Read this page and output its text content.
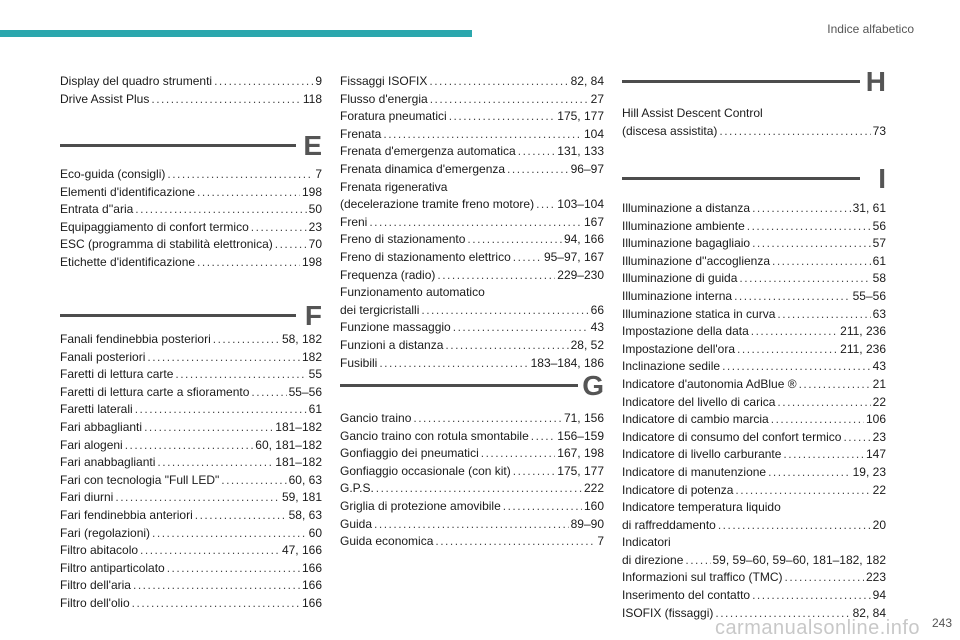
Indice alfabetico
Display del quadro strumenti .....	9
Drive Assist Plus .....	118
E
Eco-guida (consigli) .....	7
Elementi d'identificazione .....	198
Entrata d''aria .....	50
Equipaggiamento di confort termico .....	23
ESC (programma di stabilità elettronica) .....	70
Etichette d'identificazione .....	198
F
Fanali fendinebbia posteriori .....	58, 182
Fanali posteriori .....	182
Faretti di lettura carte .....	55
Faretti di lettura carte a sfioramento .....	55–56
Faretti laterali .....	61
Fari abbaglianti .....	181–182
Fari alogeni .....	60, 181–182
Fari anabbaglianti .....	181–182
Fari con tecnologia "Full LED" .....	60, 63
Fari diurni .....	59, 181
Fari fendinebbia anteriori .....	58, 63
Fari (regolazioni) .....	60
Filtro abitacolo .....	47, 166
Filtro antiparticolato .....	166
Filtro dell'aria .....	166
Filtro dell'olio .....	166
Fissaggi ISOFIX .....	82, 84
Flusso d'energia .....	27
Foratura pneumatici .....	175, 177
Frenata .....	104
Frenata d'emergenza automatica .....	131, 133
Frenata dinamica d'emergenza .....	96–97
Frenata rigenerativa
(decelerazione tramite freno motore) ..... 103–104
Freni .....	167
Freno di stazionamento .....	94, 166
Freno di stazionamento elettrico .....	95–97, 167
Frequenza (radio) .....	229–230
Funzionamento automatico
dei tergicristalli .....	66
Funzione massaggio .....	43
Funzioni a distanza .....	28, 52
Fusibili .....	183–184, 186
G
Gancio traino .....	71, 156
Gancio traino con rotula smontabile ..... 156–159
Gonfiaggio dei pneumatici .....	167, 198
Gonfiaggio occasionale (con kit) .....	175, 177
G.P.S. .....	222
Griglia di protezione amovibile .....	160
Guida .....	89–90
Guida economica .....	7
H
Hill Assist Descent Control
(discesa assistita) .....	73
I
Illuminazione a distanza .....	31, 61
Illuminazione ambiente .....	56
Illuminazione bagagliaio .....	57
Illuminazione d''accoglienza .....	61
Illuminazione di guida .....	58
Illuminazione interna .....	55–56
Illuminazione statica in curva .....	63
Impostazione della data .....	211, 236
Impostazione dell'ora .....	211, 236
Inclinazione sedile .....	43
Indicatore d'autonomia AdBlue ® .....	21
Indicatore del livello di carica .....	22
Indicatore di cambio marcia .....	106
Indicatore di consumo del confort termico .....	23
Indicatore di livello carburante .....	147
Indicatore di manutenzione .....	19, 23
Indicatore di potenza .....	22
Indicatore temperatura liquido
di raffreddamento .....	20
Indicatori
di direzione ..... 59, 59–60, 59–60, 181–182, 182
Informazioni sul traffico (TMC) .....	223
Inserimento del contatto .....	94
ISOFIX (fissaggi) .....	82, 84
carmanualsonline.info 243
